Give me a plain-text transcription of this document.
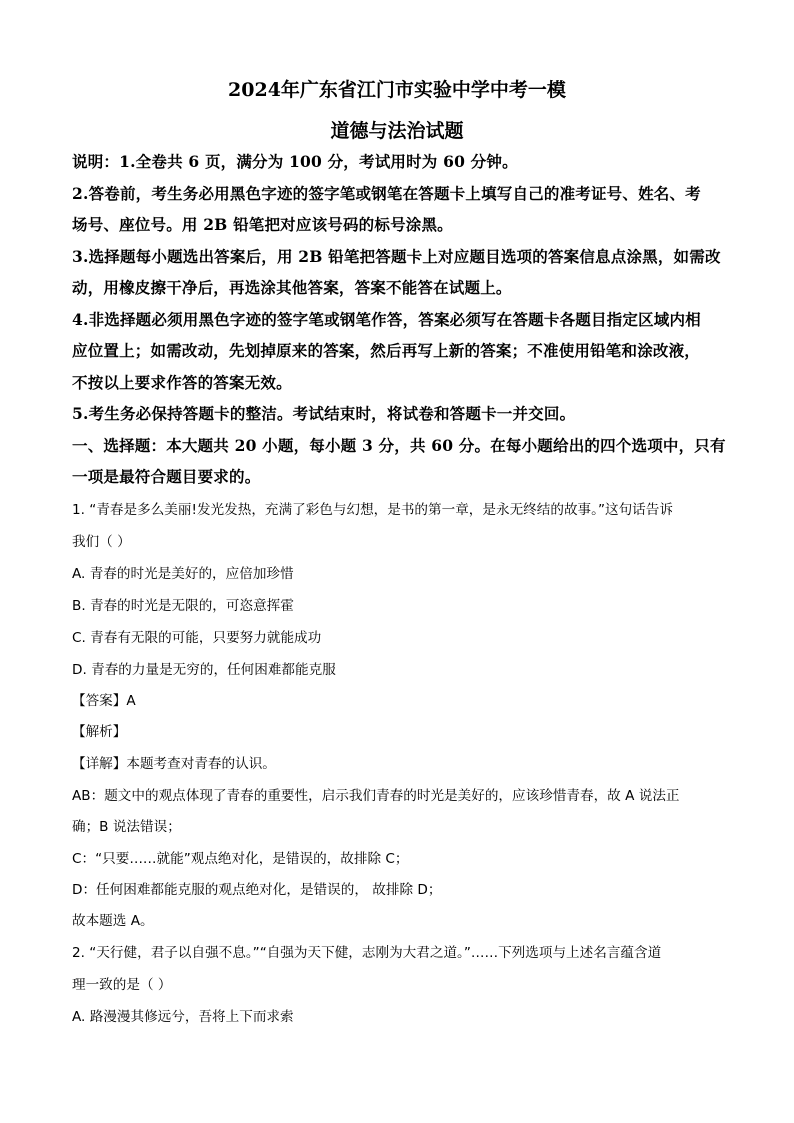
2024年广东省江门市实验中学中考一模
道德与法治试题
说明：1.全卷共 6 页，满分为 100 分，考试用时为 60 分钟。
2.答卷前，考生务必用黑色字迹的签字笔或钢笔在答题卡上填写自己的准考证号、姓名、考
场号、座位号。用 2B 铅笔把对应该号码的标号涂黑。
3.选择题每小题选出答案后，用 2B 铅笔把答题卡上对应题目选项的答案信息点涂黑，如需改
动，用橡皮擦干净后，再选涂其他答案，答案不能答在试题上。
4.非选择题必须用黑色字迹的签字笔或钢笔作答，答案必须写在答题卡各题目指定区域内相
应位置上；如需改动，先划掉原来的答案，然后再写上新的答案；不准使用铅笔和涂改液，
不按以上要求作答的答案无效。
5.考生务必保持答题卡的整洁。考试结束时，将试卷和答题卡一并交回。
一、选择题：本大题共 20 小题，每小题 3 分，共 60 分。在每小题给出的四个选项中，只有
一项是最符合题目要求的。
1. “青春是多么美丽!发光发热，充满了彩色与幻想，是书的第一章，是永无终结的故事。”这句话告诉
我们（ ）
A. 青春的时光是美好的，应倍加珍惜
B. 青春的时光是无限的，可恣意挥霍
C. 青春有无限的可能，只要努力就能成功
D. 青春的力量是无穷的，任何困难都能克服
【答案】A
【解析】
【详解】本题考查对青春的认识。
AB：题文中的观点体现了青春的重要性，启示我们青春的时光是美好的，应该珍惜青春，故 A 说法正
确；B 说法错误；
C：“只要……就能”观点绝对化，是错误的，故排除 C；
D：任何困难都能克服的观点绝对化，是错误的， 故排除 D；
故本题选 A。
2. “天行健，君子以自强不息。”“自强为天下健，志刚为大君之道。”……下列选项与上述名言蕴含道
理一致的是（ ）
A. 路漫漫其修远兮，吾将上下而求索
